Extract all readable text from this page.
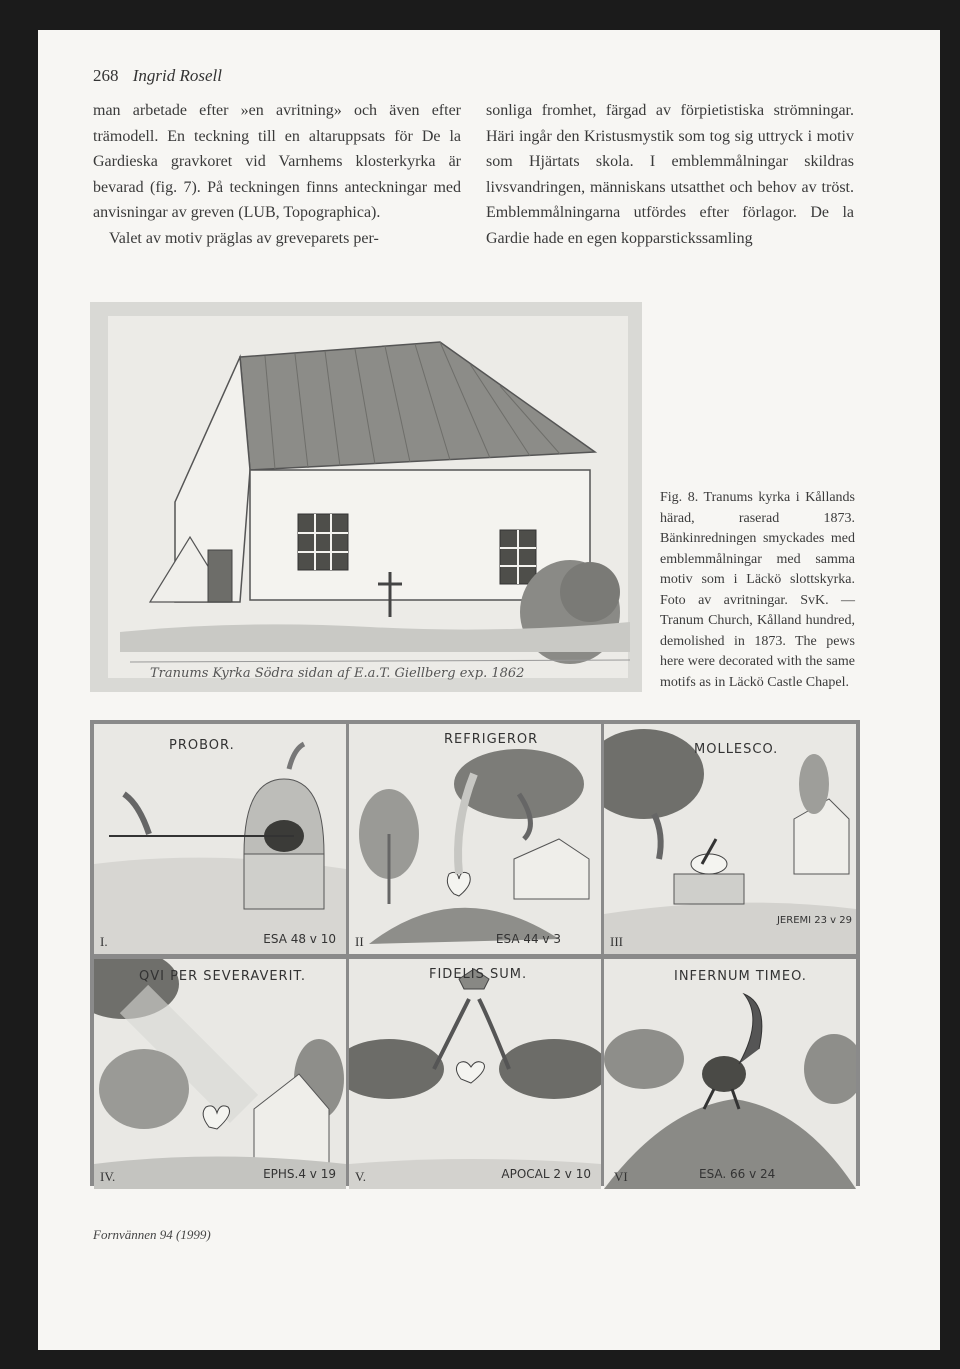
268 Ingrid Rosell

man arbetade efter »en avritning» och även efter trämodell. En teckning till en altaruppsats för De la Gardieska gravkoret vid Varnhems klosterkyrka är bevarad (fig. 7). På teckningen finns anteckningar med anvisningar av greven (LUB, Topographica).

Valet av motiv präglas av greveparets per-

sonliga fromhet, färgad av förpietistiska strömningar. Häri ingår den Kristusmystik som tog sig uttryck i motiv som Hjärtats skola. I emblemmålningar skildras livsvandringen, människans utsatthet och behov av tröst. Emblemmålningarna utfördes efter förlagor. De la Gardie hade en egen kopparstickssamling

Tranums Kyrka Södra sidan af E.a.T. Giellberg exp. 1862
Fig. 8. Tranums kyrka i Kållands härad, raserad 1873. Bänkinredningen smyckades med emblemmålningar med samma motiv som i Läckö slottskyrka. Foto av avritningar. SvK. — Tranum Church, Kålland hundred, demolished in 1873. The pews here were decorated with the same motifs as in Läckö Castle Chapel.
PROBOR.
I.	ESA 48 v 10
REFRIGEROR
II	ESA 44 v 3
MOLLESCO.
III
JEREMI 23 v 29
QVI PER SEVERAVERIT.
IV.	EPHS.4 v 19
FIDELIS SUM.
V.	APOCAL 2 v 10
INFERNUM TIMEO.
VI	ESA. 66 v 24
Fornvännen 94 (1999)
